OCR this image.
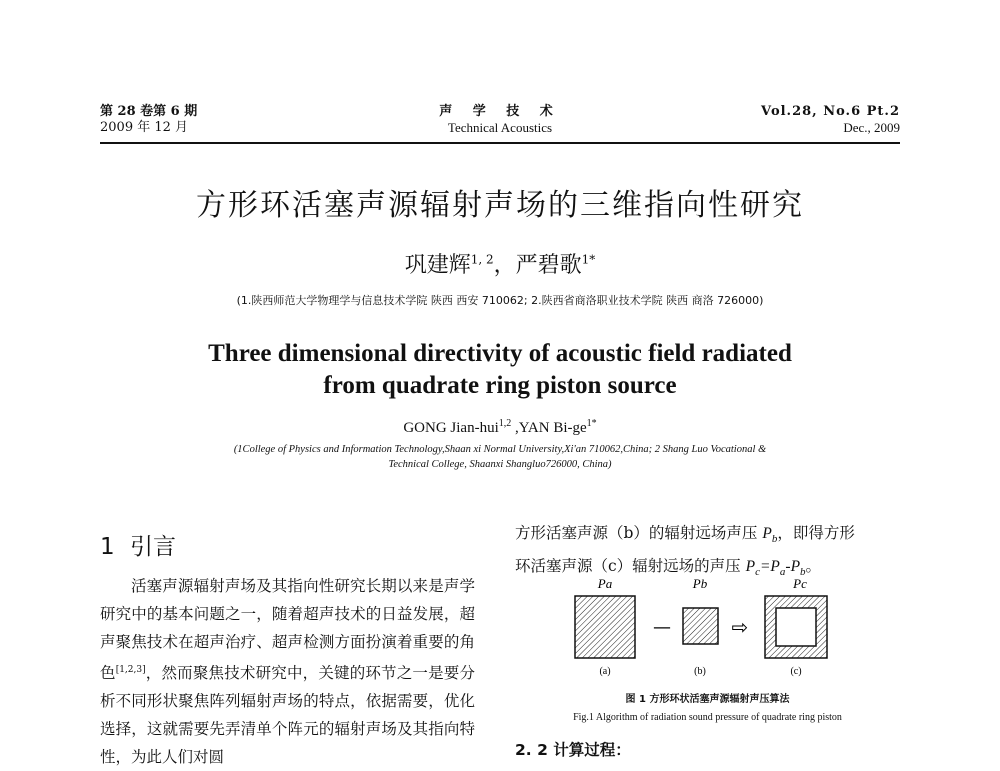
第 28 卷第 6 期
2009 年 12 月
声 学 技 术
Technical Acoustics
Vol.28, No.6 Pt.2
Dec., 2009
方形环活塞声源辐射声场的三维指向性研究
巩建辉$^{1, 2}$，严碧歌$^{1*}$
(1.陕西师范大学物理学与信息技术学院 陕西 西安 710062; 2.陕西省商洛职业技术学院 陕西 商洛 726000)
Three dimensional directivity of acoustic field radiated
from quadrate ring piston source
GONG Jian-hui$^{1,2}$ ,YAN $Bi-ge^{1*}$
(1College of Physics and Information Technology,Shaan xi Normal University,Xi'an 710062,China; 2 Shang Luo Vocational &
Technical College, Shaanxi Shangluo726000, China)
1 引言

活塞声源辐射声场及其指向性研究长期以来是声学研究中的基本问题之一，随着超声技术的日益发展，超声聚焦技术在超声治疗、超声检测方面扮演着重要的角色[1,2,3]，然而聚焦技术研究中，关键的环节之一是要分析不同形状聚焦阵列辐射声场的特点，依据需要，优化选择，这就需要先弄清单个阵元的辐射声场及其指向特性，为此人们对圆

方形活塞声源（b）的辐射远场声压 $P_b$，即得方形

环活塞声源（c）辐射远场的声压 $P_c=P_a-P_b$。

Pa
—
Pb
⇨
Pc
(a)	(b)	(c)
图 1 方形环状活塞声源辐射声压算法
Fig.1 Algorithm of radiation sound pressure of quadrate ring piston
2. 2 计算过程：
